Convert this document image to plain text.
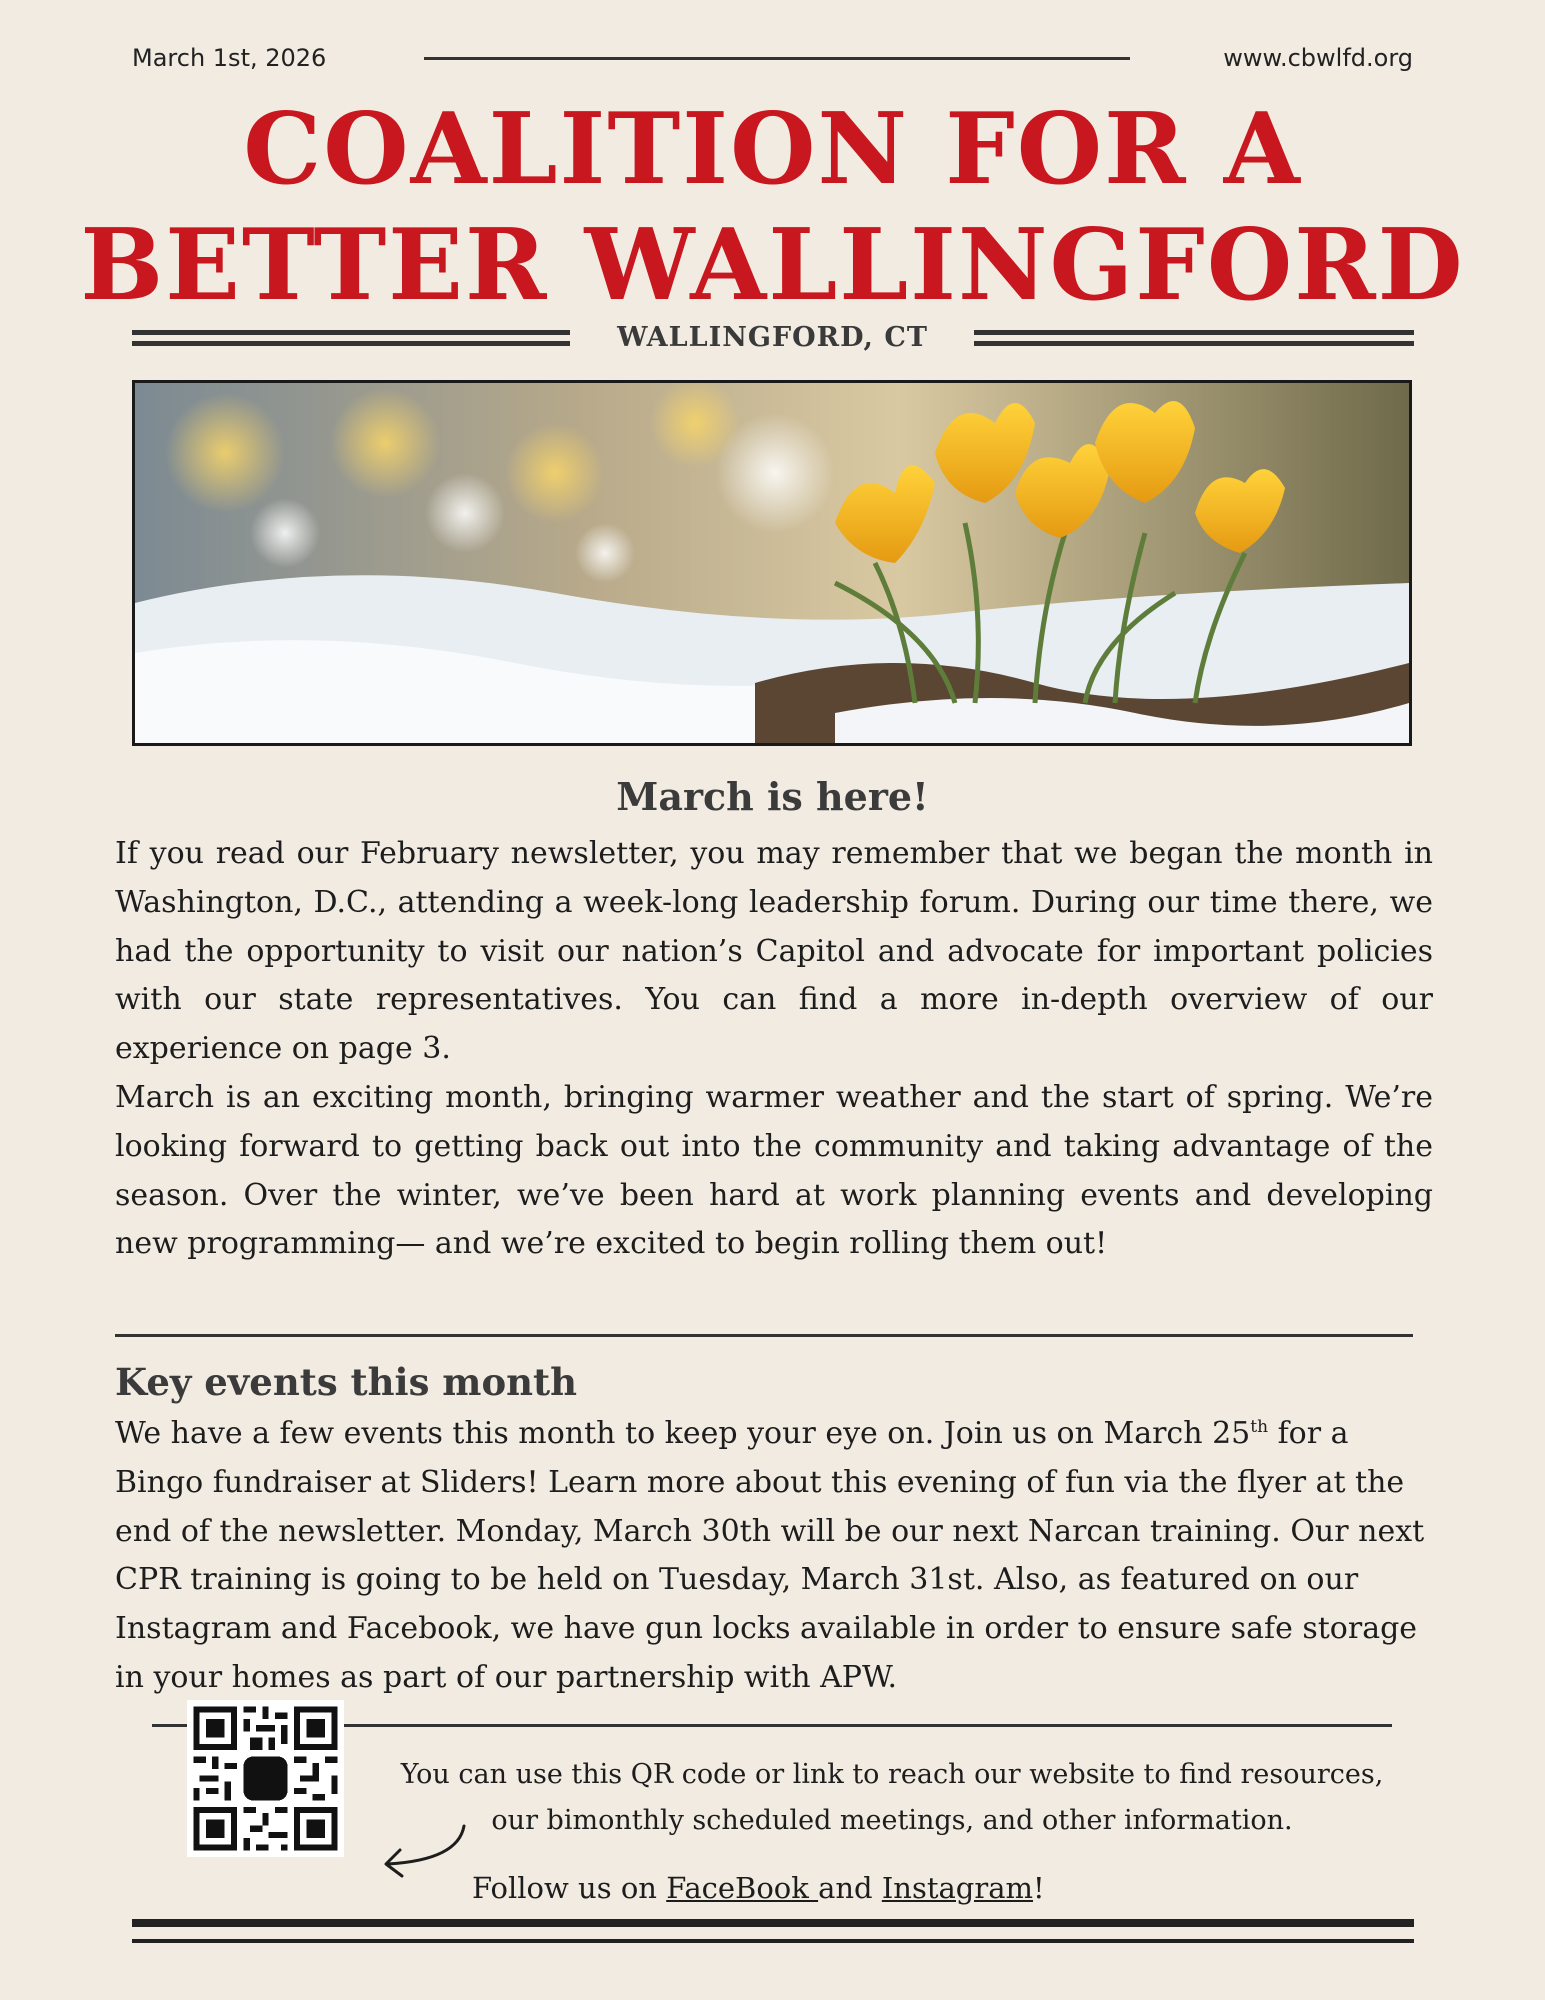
March 1st, 2026	www.cbwlfd.org
COALITION FOR A
BETTER WALLINGFORD
WALLINGFORD, CT
March is here!

If you read our February newsletter, you may remember that we began the month in Washington, D.C., attending a week-long leadership forum. During our time there, we had the opportunity to visit our nation’s Capitol and advocate for important policies with our state representatives. You can find a more in-depth overview of our experience on page 3.

March is an exciting month, bringing warmer weather and the start of spring. We’re looking forward to getting back out into the community and taking advantage of the season. Over the winter, we’ve been hard at work planning events and developing new programming— and we’re excited to begin rolling them out!

Key events this month

We have a few events this month to keep your eye on. Join us on March 25th for a Bingo fundraiser at Sliders! Learn more about this evening of fun via the flyer at the end of the newsletter. Monday, March 30th will be our next Narcan training. Our next CPR training is going to be held on Tuesday, March 31st. Also, as featured on our Instagram and Facebook, we have gun locks available in order to ensure safe storage in your homes as part of our partnership with APW.

You can use this QR code or link to reach our website to find resources,
our bimonthly scheduled meetings, and other information.
Follow us on FaceBook and Instagram!
